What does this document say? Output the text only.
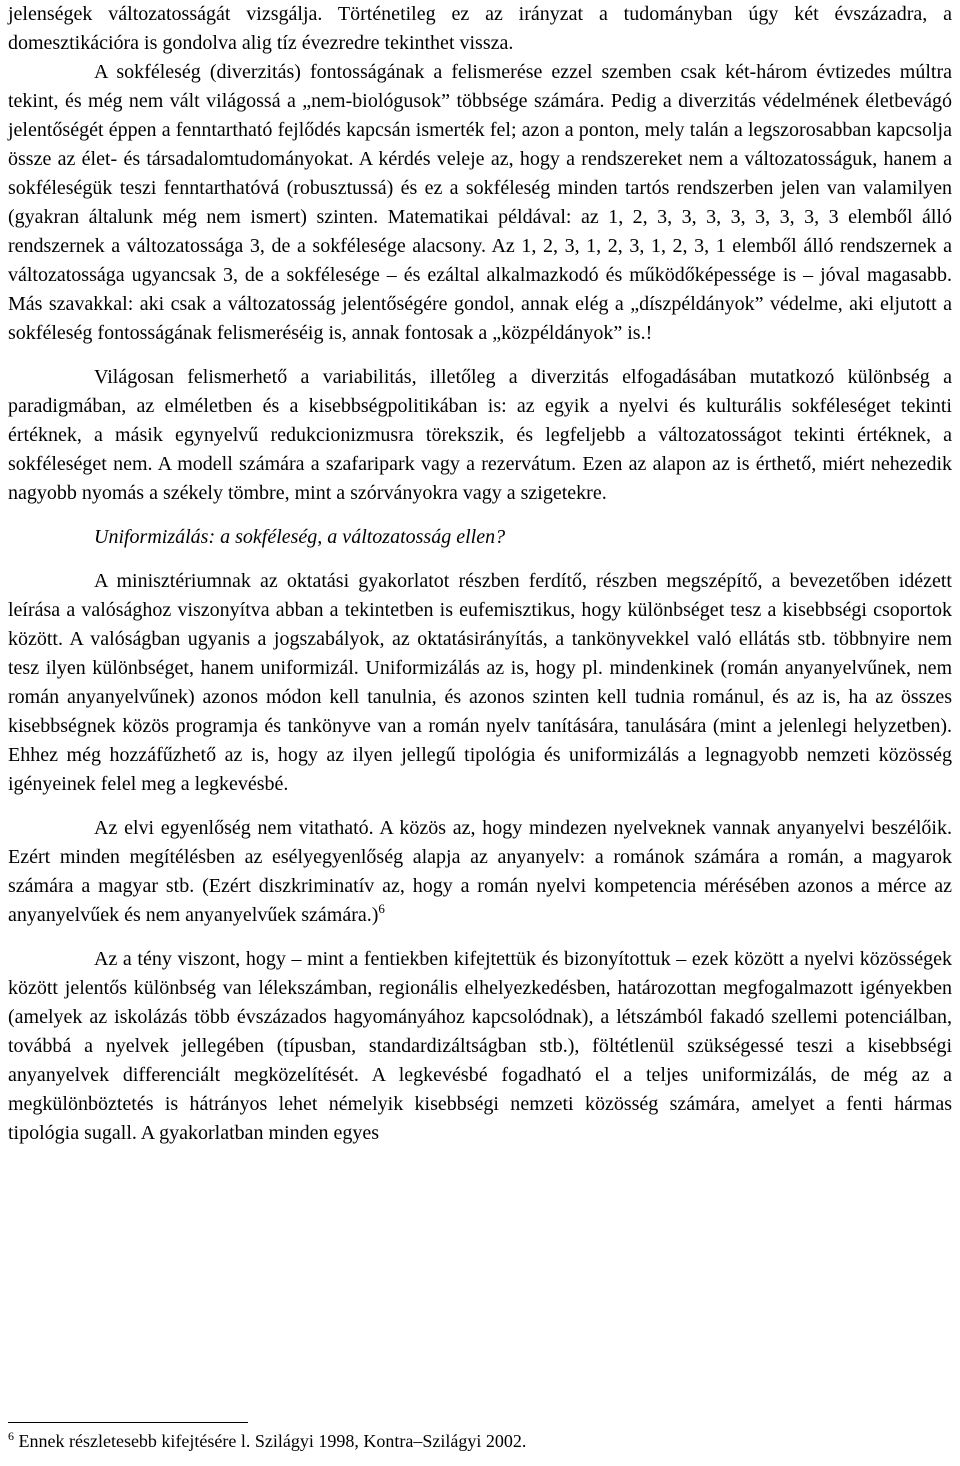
jelenségek változatosságát vizsgálja. Történetileg ez az irányzat a tudományban úgy két évszázadra, a domesztikációra is gondolva alig tíz évezredre tekinthet vissza.

A sokféleség (diverzitás) fontosságának a felismerése ezzel szemben csak két-három évtizedes múltra tekint, és még nem vált világossá a „nem-biológusok” többsége számára. Pedig a diverzitás védelmének életbevágó jelentőségét éppen a fenntartható fejlődés kapcsán ismerték fel; azon a ponton, mely talán a legszorosabban kapcsolja össze az élet- és társadalomtudományokat. A kérdés veleje az, hogy a rendszereket nem a változatosságuk, hanem a sokféleségük teszi fenntarthatóvá (robusztussá) és ez a sokféleség minden tartós rendszerben jelen van valamilyen (gyakran általunk még nem ismert) szinten. Matematikai példával: az 1, 2, 3, 3, 3, 3, 3, 3, 3, 3 elemből álló rendszernek a változatossága 3, de a sokfélesége alacsony. Az 1, 2, 3, 1, 2, 3, 1, 2, 3, 1 elemből álló rendszernek a változatossága ugyancsak 3, de a sokfélesége – és ezáltal alkalmazkodó és működőképessége is – jóval magasabb. Más szavakkal: aki csak a változatosság jelentőségére gondol, annak elég a „díszpéldányok” védelme, aki eljutott a sokféleség fontosságának felismeréséig is, annak fontosak a „közpéldányok” is.!

Világosan felismerhető a variabilitás, illetőleg a diverzitás elfogadásában mutatkozó különbség a paradigmában, az elméletben és a kisebbségpolitikában is: az egyik a nyelvi és kulturális sokféleséget tekinti értéknek, a másik egynyelvű redukcionizmusra törekszik, és legfeljebb a változatosságot tekinti értéknek, a sokféleséget nem. A modell számára a szafaripark vagy a rezervátum. Ezen az alapon az is érthető, miért nehezedik nagyobb nyomás a székely tömbre, mint a szórványokra vagy a szigetekre.

Uniformizálás: a sokféleség, a változatosság ellen?

A minisztériumnak az oktatási gyakorlatot részben ferdítő, részben megszépítő, a bevezetőben idézett leírása a valósághoz viszonyítva abban a tekintetben is eufemisztikus, hogy különbséget tesz a kisebbségi csoportok között. A valóságban ugyanis a jogszabályok, az oktatásirányítás, a tankönyvekkel való ellátás stb. többnyire nem tesz ilyen különbséget, hanem uniformizál. Uniformizálás az is, hogy pl. mindenkinek (román anyanyelvűnek, nem román anyanyelvűnek) azonos módon kell tanulnia, és azonos szinten kell tudnia románul, és az is, ha az összes kisebbségnek közös programja és tankönyve van a román nyelv tanítására, tanulására (mint a jelenlegi helyzetben). Ehhez még hozzáfűzhető az is, hogy az ilyen jellegű tipológia és uniformizálás a legnagyobb nemzeti közösség igényeinek felel meg a legkevésbé.

Az elvi egyenlőség nem vitatható. A közös az, hogy mindezen nyelveknek vannak anyanyelvi beszélőik. Ezért minden megítélésben az esélyegyenlőség alapja az anyanyelv: a románok számára a román, a magyarok számára a magyar stb. (Ezért diszkriminatív az, hogy a román nyelvi kompetencia mérésében azonos a mérce az anyanyelvűek és nem anyanyelvűek számára.)$^6$

Az a tény viszont, hogy – mint a fentiekben kifejtettük és bizonyítottuk – ezek között a nyelvi közösségek között jelentős különbség van lélekszámban, regionális elhelyezkedésben, határozottan megfogalmazott igényekben (amelyek az iskolázás több évszázados hagyományához kapcsolódnak), a létszámból fakadó szellemi potenciálban, továbbá a nyelvek jellegében (típusban, standardizáltságban stb.), föltétlenül szükségessé teszi a kisebbségi anyanyelvek differenciált megközelítését. A legkevésbé fogadható el a teljes uniformizálás, de még az a megkülönböztetés is hátrányos lehet némelyik kisebbségi nemzeti közösség számára, amelyet a fenti hármas tipológia sugall. A gyakorlatban minden egyes

$^6$ Ennek részletesebb kifejtésére l. Szilágyi 1998, Kontra–Szilágyi 2002.
